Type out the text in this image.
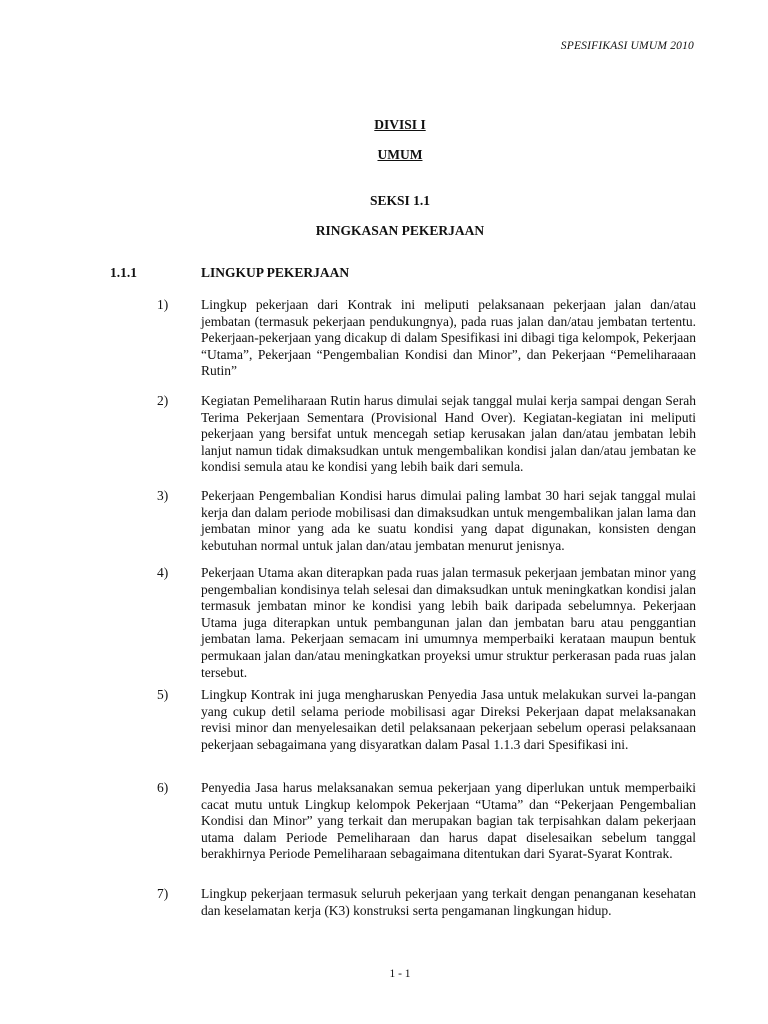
SPESIFIKASI UMUM 2010
DIVISI I
UMUM
SEKSI 1.1
RINGKASAN PEKERJAAN
1.1.1	LINGKUP PEKERJAAN
1) Lingkup pekerjaan dari Kontrak ini meliputi pelaksanaan pekerjaan jalan dan/atau jembatan (termasuk pekerjaan pendukungnya), pada ruas jalan dan/atau jembatan tertentu. Pekerjaan-pekerjaan yang dicakup di dalam Spesifikasi ini dibagi tiga kelompok, Pekerjaan “Utama”, Pekerjaan “Pengembalian Kondisi dan Minor”, dan Pekerjaan “Pemeliharaaan Rutin”

2) Kegiatan Pemeliharaan Rutin harus dimulai sejak tanggal mulai kerja sampai dengan Serah Terima Pekerjaan Sementara (Provisional Hand Over). Kegiatan-kegiatan ini meliputi pekerjaan yang bersifat untuk mencegah setiap kerusakan jalan dan/atau jembatan lebih lanjut namun tidak dimaksudkan untuk mengembalikan kondisi jalan dan/atau jembatan ke kondisi semula atau ke kondisi yang lebih baik dari semula.

3) Pekerjaan Pengembalian Kondisi harus dimulai paling lambat 30 hari sejak tanggal mulai kerja dan dalam periode mobilisasi dan dimaksudkan untuk mengembalikan jalan lama dan jembatan minor yang ada ke suatu kondisi yang dapat digunakan, konsisten dengan kebutuhan normal untuk jalan dan/atau jembatan menurut jenisnya.

4) Pekerjaan Utama akan diterapkan pada ruas jalan termasuk pekerjaan jembatan minor yang pengembalian kondisinya telah selesai dan dimaksudkan untuk meningkatkan kondisi jalan termasuk jembatan minor ke kondisi yang lebih baik daripada sebelumnya. Pekerjaan Utama juga diterapkan untuk pembangunan jalan dan jembatan baru atau penggantian jembatan lama. Pekerjaan semacam ini umumnya memperbaiki kerataan maupun bentuk permukaan jalan dan/atau meningkatkan proyeksi umur struktur perkerasan pada ruas jalan tersebut.

5) Lingkup Kontrak ini juga mengharuskan Penyedia Jasa untuk melakukan survei la-pangan yang cukup detil selama periode mobilisasi agar Direksi Pekerjaan dapat melaksanakan revisi minor dan menyelesaikan detil pelaksanaan pekerjaan sebelum operasi pelaksanaan pekerjaan sebagaimana yang disyaratkan dalam Pasal 1.1.3 dari Spesifikasi ini.

6) Penyedia Jasa harus melaksanakan semua pekerjaan yang diperlukan untuk memperbaiki cacat mutu untuk Lingkup kelompok Pekerjaan “Utama” dan “Pekerjaan Pengembalian Kondisi dan Minor” yang terkait dan merupakan bagian tak terpisahkan dalam pekerjaan utama dalam Periode Pemeliharaan dan harus dapat diselesaikan sebelum tanggal berakhirnya Periode Pemeliharaan sebagaimana ditentukan dari Syarat-Syarat Kontrak.

7) Lingkup pekerjaan termasuk seluruh pekerjaan yang terkait dengan penanganan kesehatan dan keselamatan kerja (K3) konstruksi serta pengamanan lingkungan hidup.

1 - 1
